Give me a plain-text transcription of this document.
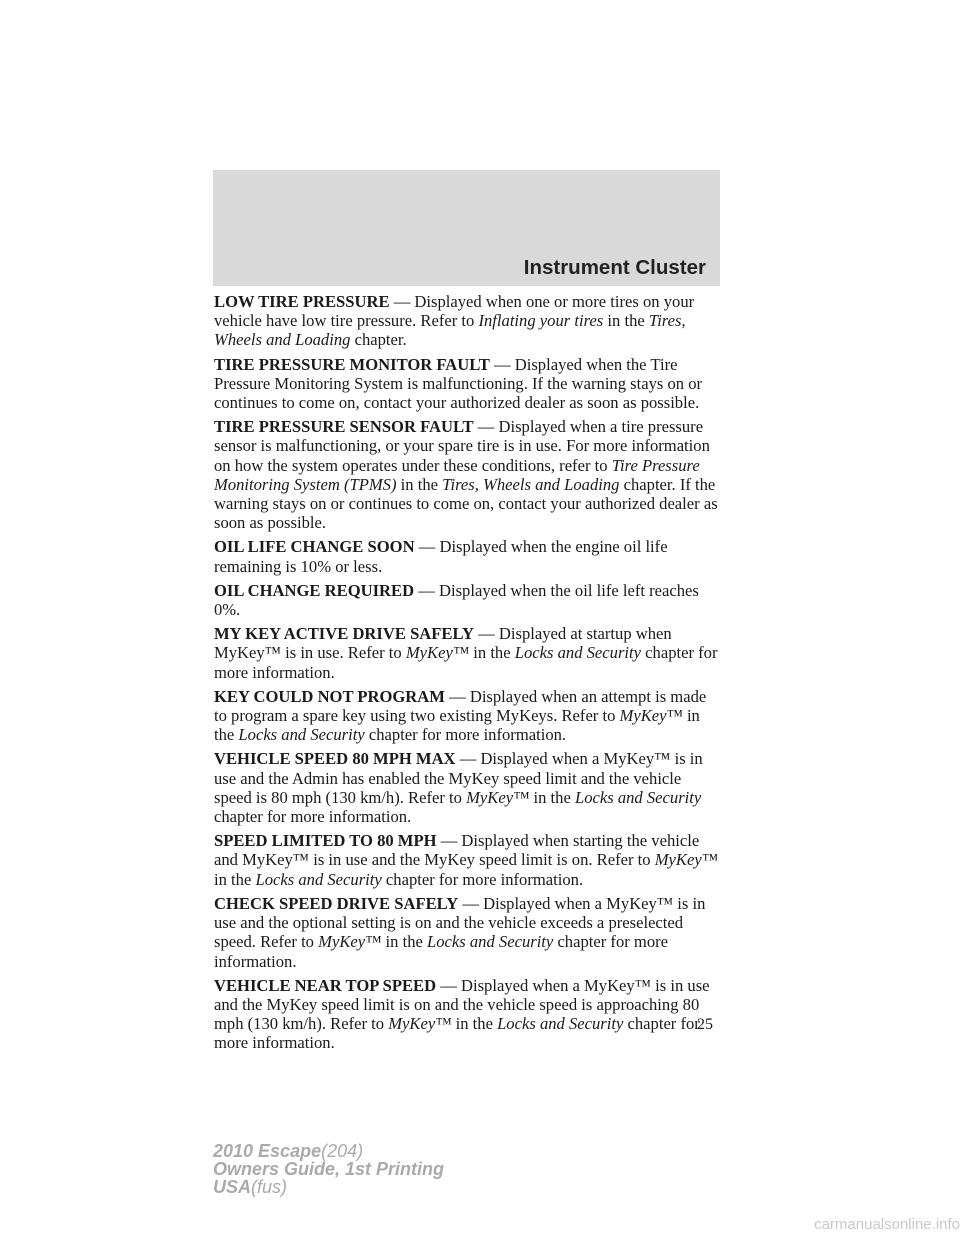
Instrument Cluster

LOW TIRE PRESSURE — Displayed when one or more tires on your vehicle have low tire pressure. Refer to Inflating your tires in the Tires, Wheels and Loading chapter.

TIRE PRESSURE MONITOR FAULT — Displayed when the Tire Pressure Monitoring System is malfunctioning. If the warning stays on or continues to come on, contact your authorized dealer as soon as possible.

TIRE PRESSURE SENSOR FAULT — Displayed when a tire pressure sensor is malfunctioning, or your spare tire is in use. For more information on how the system operates under these conditions, refer to Tire Pressure Monitoring System (TPMS) in the Tires, Wheels and Loading chapter. If the warning stays on or continues to come on, contact your authorized dealer as soon as possible.

OIL LIFE CHANGE SOON — Displayed when the engine oil life remaining is 10% or less.

OIL CHANGE REQUIRED — Displayed when the oil life left reaches 0%.

MY KEY ACTIVE DRIVE SAFELY — Displayed at startup when MyKey™ is in use. Refer to MyKey™ in the Locks and Security chapter for more information.

KEY COULD NOT PROGRAM — Displayed when an attempt is made to program a spare key using two existing MyKeys. Refer to MyKey™ in the Locks and Security chapter for more information.

VEHICLE SPEED 80 MPH MAX — Displayed when a MyKey™ is in use and the Admin has enabled the MyKey speed limit and the vehicle speed is 80 mph (130 km/h). Refer to MyKey™ in the Locks and Security chapter for more information.

SPEED LIMITED TO 80 MPH — Displayed when starting the vehicle and MyKey™ is in use and the MyKey speed limit is on. Refer to MyKey™ in the Locks and Security chapter for more information.

CHECK SPEED DRIVE SAFELY — Displayed when a MyKey™ is in use and the optional setting is on and the vehicle exceeds a preselected speed. Refer to MyKey™ in the Locks and Security chapter for more information.

VEHICLE NEAR TOP SPEED — Displayed when a MyKey™ is in use and the MyKey speed limit is on and the vehicle speed is approaching 80 mph (130 km/h). Refer to MyKey™ in the Locks and Security chapter for more information.

25
2010 Escape(204)
Owners Guide, 1st Printing
USA(fus)
carmanualsonline.info
